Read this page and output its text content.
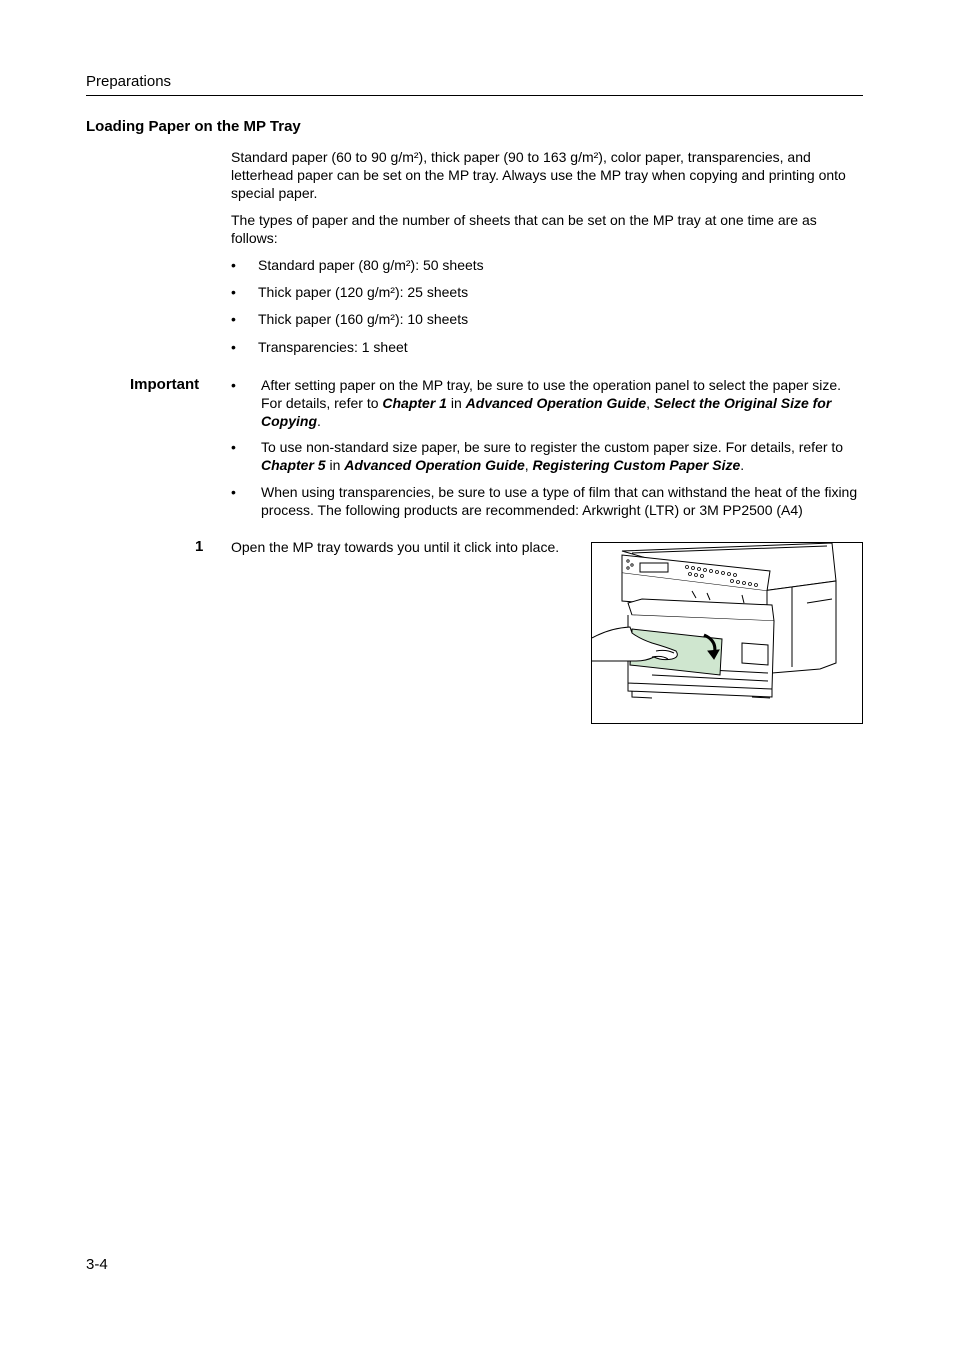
Preparations
Loading Paper on the MP Tray
Standard paper (60 to 90 g/m²), thick paper (90 to 163 g/m²), color paper, transparencies, and letterhead paper can be set on the MP tray. Always use the MP tray when copying and printing onto special paper.
The types of paper and the number of sheets that can be set on the MP tray at one time are as follows:
• Standard paper (80 g/m²): 50 sheets
• Thick paper (120 g/m²): 25 sheets
• Thick paper (160 g/m²): 10 sheets
• Transparencies: 1 sheet
Important • After setting paper on the MP tray, be sure to use the operation panel to select the paper size. For details, refer to Chapter 1 in Advanced Operation Guide, Select the Original Size for Copying.
• To use non-standard size paper, be sure to register the custom paper size. For details, refer to Chapter 5 in Advanced Operation Guide, Registering Custom Paper Size.
• When using transparencies, be sure to use a type of film that can withstand the heat of the fixing process. The following products are recommended: Arkwright (LTR) or 3M PP2500 (A4)
1 Open the MP tray towards you until it click into place.
3-4
